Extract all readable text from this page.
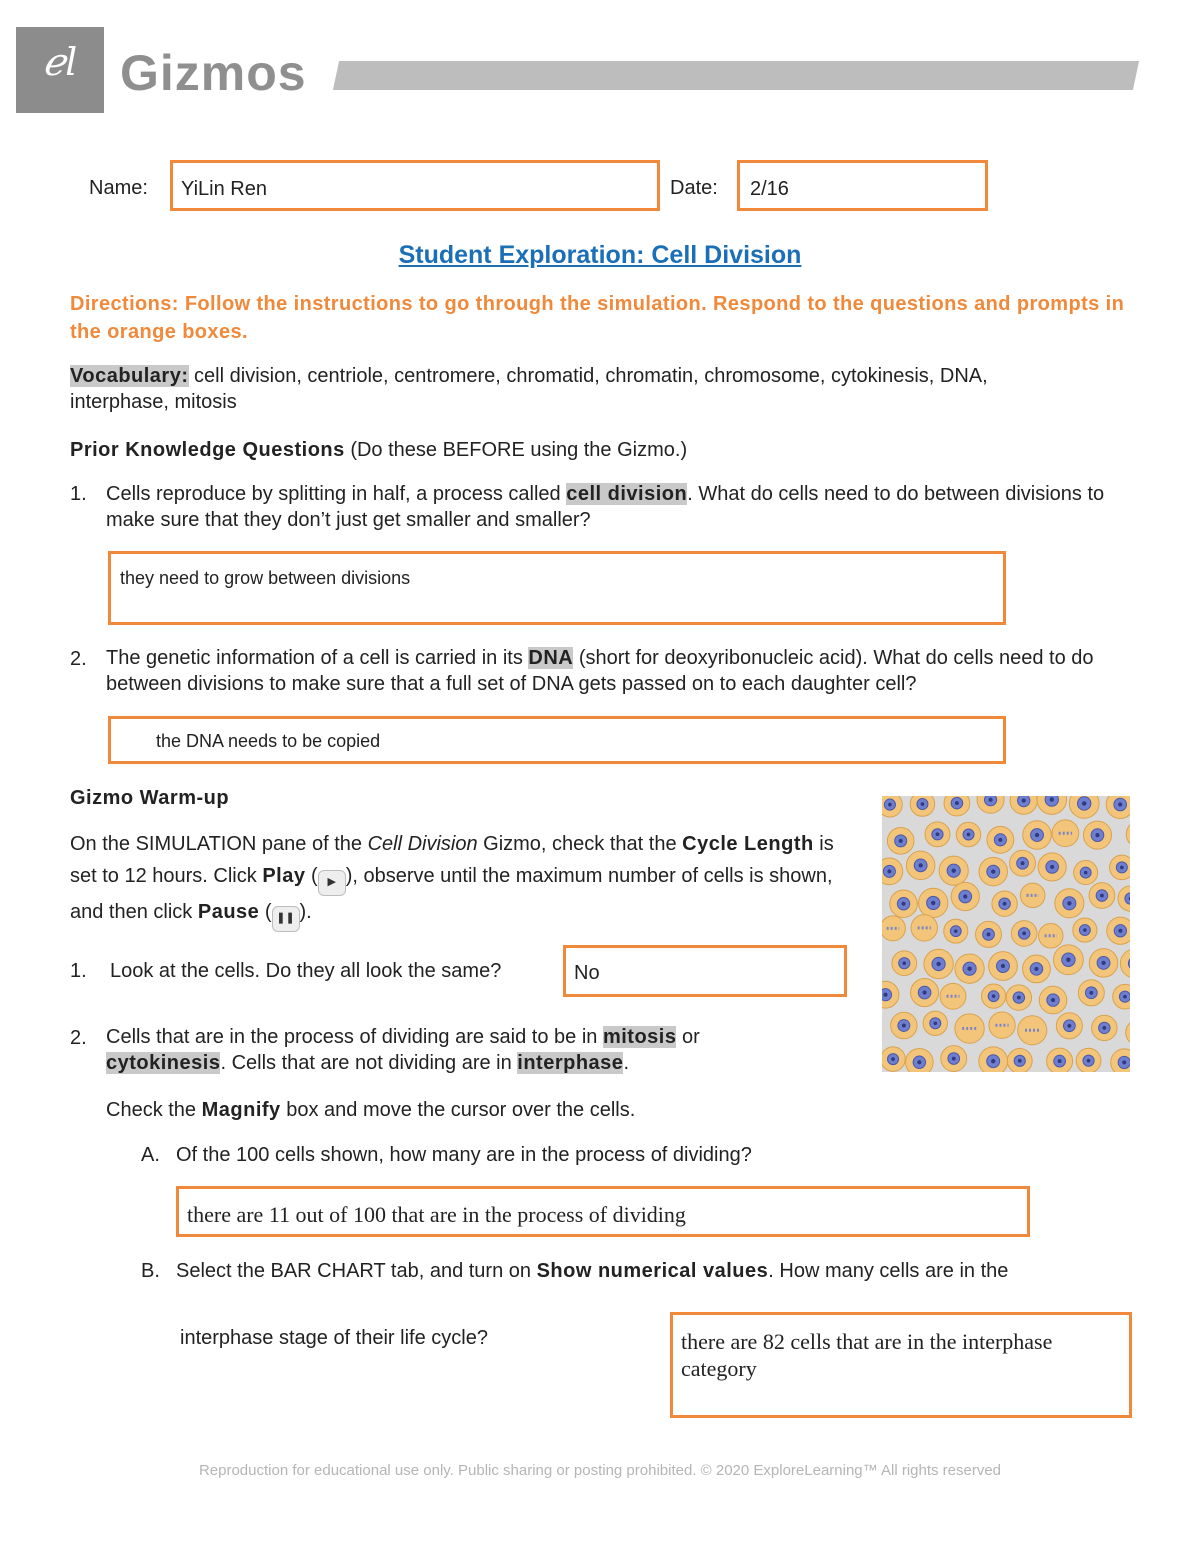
ℯl Gizmos
Name: YiLin Ren	Date: 2/16
Student Exploration: Cell Division
Directions: Follow the instructions to go through the simulation. Respond to the questions and prompts in the orange boxes.
Vocabulary: cell division, centriole, centromere, chromatid, chromatin, chromosome, cytokinesis, DNA, interphase, mitosis
Prior Knowledge Questions (Do these BEFORE using the Gizmo.)
1. Cells reproduce by splitting in half, a process called cell division. What do cells need to do between divisions to make sure that they don’t just get smaller and smaller?
they need to grow between divisions
2. The genetic information of a cell is carried in its DNA (short for deoxyribonucleic acid). What do cells need to do between divisions to make sure that a full set of DNA gets passed on to each daughter cell?
the DNA needs to be copied
Gizmo Warm-up
On the SIMULATION pane of the Cell Division Gizmo, check that the Cycle Length is set to 12 hours. Click Play ( ▶ ), observe until the maximum number of cells is shown, and then click Pause ( ❚❚ ).
1. Look at the cells. Do they all look the same?	No
2. Cells that are in the process of dividing are said to be in mitosis or
cytokinesis. Cells that are not dividing are in interphase.
Check the Magnify box and move the cursor over the cells.
A. Of the 100 cells shown, how many are in the process of dividing?
there are 11 out of 100 that are in the process of dividing
B. Select the BAR CHART tab, and turn on Show numerical values. How many cells are in the
interphase stage of their life cycle?	there are 82 cells that are in the interphase category
Reproduction for educational use only. Public sharing or posting prohibited. © 2020 ExploreLearning™ All rights reserved
